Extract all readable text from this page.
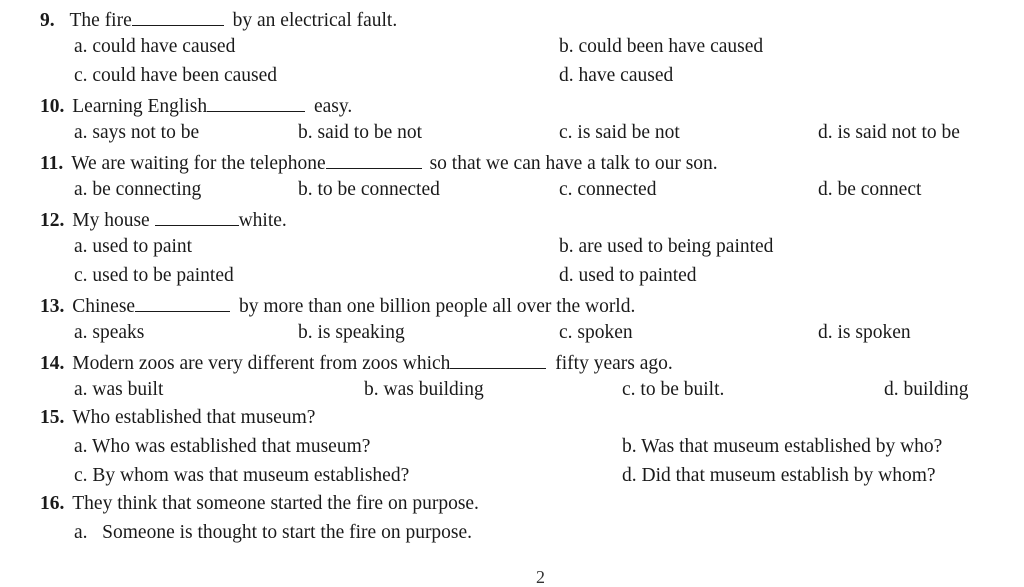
9. The fire	by an electrical fault.
a. could have caused	b. could been have caused
c. could have been caused	d. have caused
10. Learning English	easy.
a. says not to be	b. said to be not	c. is said be not	d. is said not to be
11. We are waiting for the telephone	so that we can have a talk to our son.
a. be connecting	b. to be connected	c. connected	d. be connect
12. My house	white.
a. used to paint	b. are used to being painted
c. used to be painted	d. used to painted
13. Chinese	by more than one billion people all over the world.
a. speaks	b. is speaking	c. spoken	d. is spoken
14. Modern zoos are very different from zoos which	fifty years ago.
a. was built	b. was building	c. to be built.	d. building
15. Who established that museum?
a. Who was established that museum?	b. Was that museum established by who?
c. By whom was that museum established?	d. Did that museum establish by whom?
16. They think that someone started the fire on purpose.
a.   Someone is thought to start the fire on purpose.
2
